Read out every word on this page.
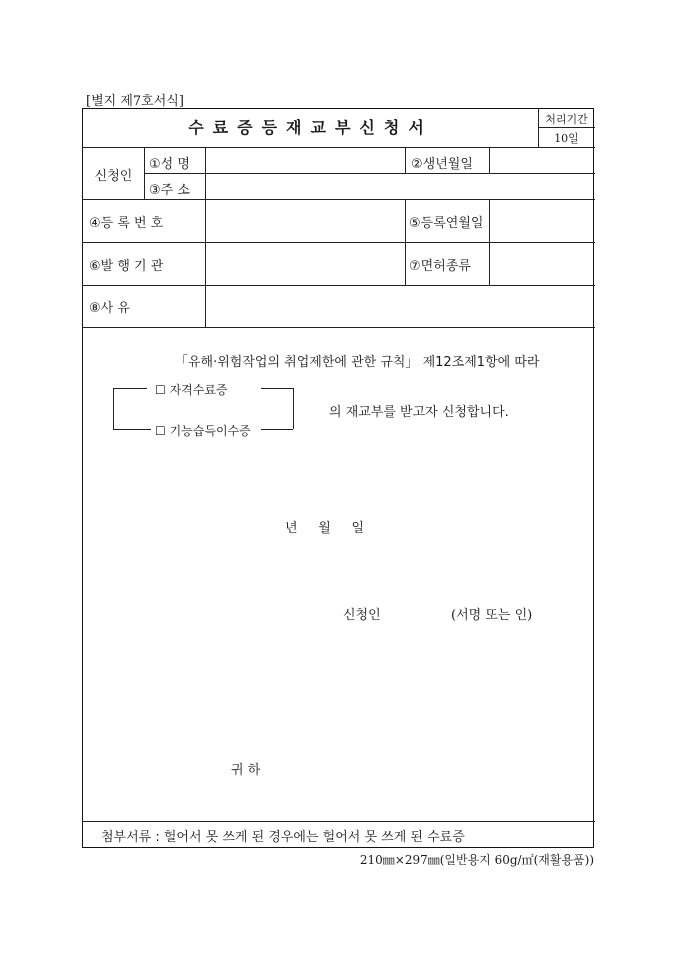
[별지 제7호서식]
수료증등재교부신청서	처리기간
10일
신청인
①성 명	②생년월일
③주 소
④등 록 번 호	⑤등록연월일
⑥발 행 기 관	⑦면허종류
⑧사 유
「유해·위험작업의 취업제한에 관한 규칙」 제12조제1항에 따라
☐ 자격수료증
☐ 기능습득이수증
의 재교부를 받고자 신청합니다.
년     월     일
신청인	(서명 또는 인)
귀 하
첨부서류 : 헐어서 못 쓰게 된 경우에는 헐어서 못 쓰게 된 수료증
210㎜×297㎜(일반용지 60g/㎡(재활용품))
